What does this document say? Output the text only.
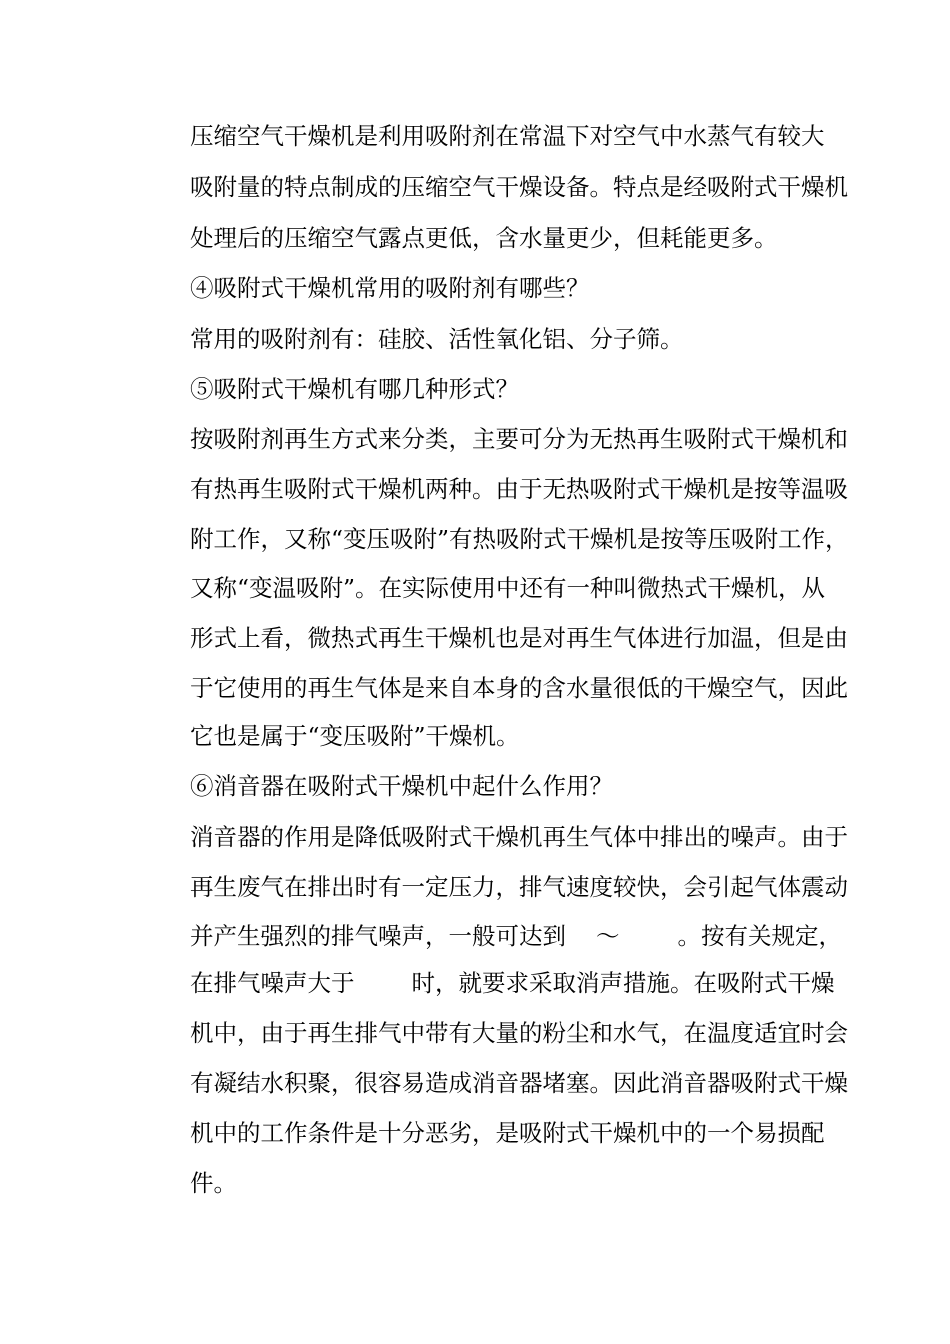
压缩空气干燥机是利用吸附剂在常温下对空气中水蒸气有较大
吸附量的特点制成的压缩空气干燥设备。特点是经吸附式干燥机
处理后的压缩空气露点更低，含水量更少，但耗能更多。
④吸附式干燥机常用的吸附剂有哪些？
常用的吸附剂有：硅胶、活性氧化铝、分子筛。
⑤吸附式干燥机有哪几种形式？
按吸附剂再生方式来分类，主要可分为无热再生吸附式干燥机和
有热再生吸附式干燥机两种。由于无热吸附式干燥机是按等温吸
附工作，又称“变压吸附”有热吸附式干燥机是按等压吸附工作，
又称“变温吸附”。在实际使用中还有一种叫微热式干燥机，从
形式上看，微热式再生干燥机也是对再生气体进行加温，但是由
于它使用的再生气体是来自本身的含水量很低的干燥空气，因此
它也是属于“变压吸附”干燥机。
⑥消音器在吸附式干燥机中起什么作用？
消音器的作用是降低吸附式干燥机再生气体中排出的噪声。由于
再生废气在排出时有一定压力，排气速度较快，会引起气体震动
并产生强烈的排气噪声，一般可达到 ～ 。按有关规定，
在排气噪声大于 时，就要求采取消声措施。在吸附式干燥
机中，由于再生排气中带有大量的粉尘和水气，在温度适宜时会
有凝结水积聚，很容易造成消音器堵塞。因此消音器吸附式干燥
机中的工作条件是十分恶劣，是吸附式干燥机中的一个易损配
件。
